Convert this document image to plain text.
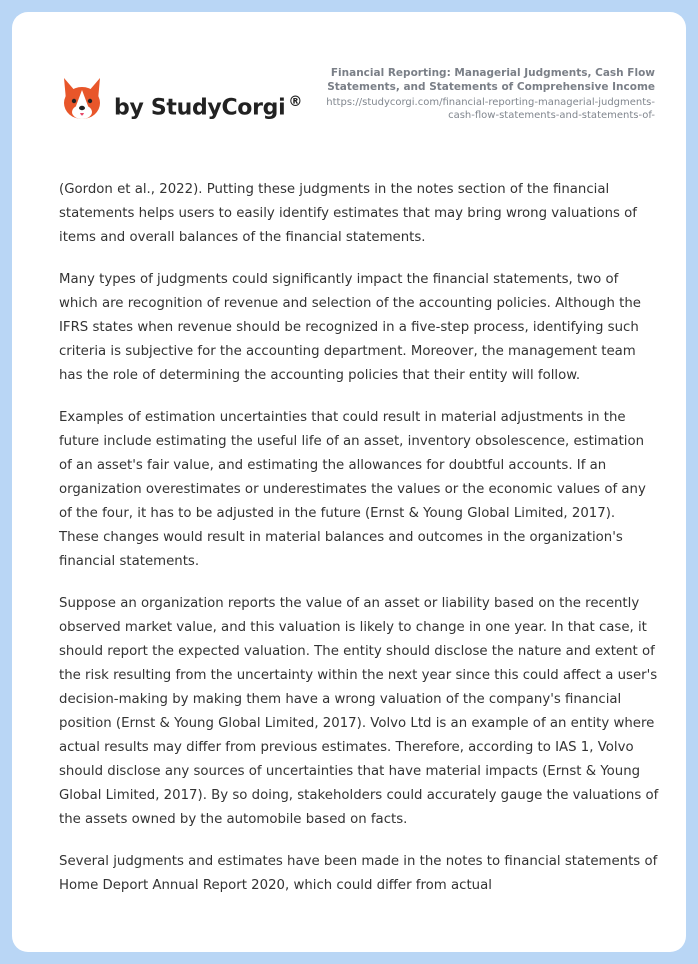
by StudyCorgi ®
Financial Reporting: Managerial Judgments, Cash Flow Statements, and Statements of Comprehensive Income
https://studycorgi.com/financial-reporting-managerial-judgments-cash-flow-statements-and-statements-of-

(Gordon et al., 2022). Putting these judgments in the notes section of the financial statements helps users to easily identify estimates that may bring wrong valuations of items and overall balances of the financial statements.

Many types of judgments could significantly impact the financial statements, two of which are recognition of revenue and selection of the accounting policies. Although the IFRS states when revenue should be recognized in a five-step process, identifying such criteria is subjective for the accounting department. Moreover, the management team has the role of determining the accounting policies that their entity will follow.

Examples of estimation uncertainties that could result in material adjustments in the future include estimating the useful life of an asset, inventory obsolescence, estimation of an asset's fair value, and estimating the allowances for doubtful accounts. If an organization overestimates or underestimates the values or the economic values of any of the four, it has to be adjusted in the future (Ernst & Young Global Limited, 2017). These changes would result in material balances and outcomes in the organization's financial statements.

Suppose an organization reports the value of an asset or liability based on the recently observed market value, and this valuation is likely to change in one year. In that case, it should report the expected valuation. The entity should disclose the nature and extent of the risk resulting from the uncertainty within the next year since this could affect a user's decision-making by making them have a wrong valuation of the company's financial position (Ernst & Young Global Limited, 2017). Volvo Ltd is an example of an entity where actual results may differ from previous estimates. Therefore, according to IAS 1, Volvo should disclose any sources of uncertainties that have material impacts (Ernst & Young Global Limited, 2017). By so doing, stakeholders could accurately gauge the valuations of the assets owned by the automobile based on facts.

Several judgments and estimates have been made in the notes to financial statements of Home Deport Annual Report 2020, which could differ from actual
